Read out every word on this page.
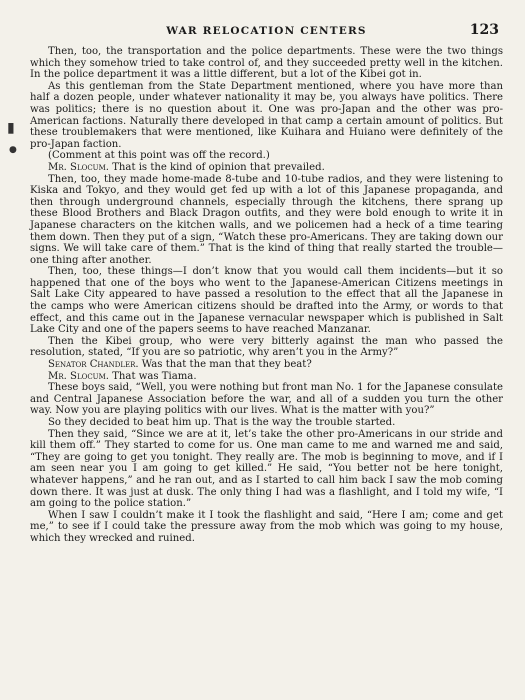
▮
●
WAR RELOCATION CENTERS	123

Then, too, the transportation and the police departments. These were the two things which they somehow tried to take control of, and they succeeded pretty well in the kitchen. In the police department it was a little different, but a lot of the Kibei got in.

As this gentleman from the State Department mentioned, where you have more than half a dozen people, under whatever nationality it may be, you always have politics. There was politics; there is no question about it. One was pro-Japan and the other was pro-American factions. Naturally there developed in that camp a certain amount of politics. But these troublemakers that were mentioned, like Kuihara and Huiano were definitely of the pro-Japan faction.

(Comment at this point was off the record.)

Mr. Slocum. That is the kind of opinion that prevailed.

Then, too, they made home-made 8-tube and 10-tube radios, and they were listening to Kiska and Tokyo, and they would get fed up with a lot of this Japanese propaganda, and then through underground channels, especially through the kitchens, there sprang up these Blood Brothers and Black Dragon outfits, and they were bold enough to write it in Japanese characters on the kitchen walls, and we policemen had a heck of a time tearing them down. Then they put of a sign, “Watch these pro-Americans. They are taking down our signs. We will take care of them.” That is the kind of thing that really started the trouble—one thing after another.

Then, too, these things—I don’t know that you would call them incidents—but it so happened that one of the boys who went to the Japanese-American Citizens meetings in Salt Lake City appeared to have passed a resolution to the effect that all the Japanese in the camps who were American citizens should be drafted into the Army, or words to that effect, and this came out in the Japanese vernacular newspaper which is published in Salt Lake City and one of the papers seems to have reached Manzanar.

Then the Kibei group, who were very bitterly against the man who passed the resolution, stated, “If you are so patriotic, why aren’t you in the Army?”

Senator Chandler. Was that the man that they beat?

Mr. Slocum. That was Tiama.

These boys said, “Well, you were nothing but front man No. 1 for the Japanese consulate and Central Japanese Association before the war, and all of a sudden you turn the other way. Now you are playing politics with our lives. What is the matter with you?”

So they decided to beat him up. That is the way the trouble started.

Then they said, “Since we are at it, let’s take the other pro-Americans in our stride and kill them off.” They started to come for us. One man came to me and warned me and said, “They are going to get you tonight. They really are. The mob is beginning to move, and if I am seen near you I am going to get killed.” He said, “You better not be here tonight, whatever happens,” and he ran out, and as I started to call him back I saw the mob coming down there. It was just at dusk. The only thing I had was a flashlight, and I told my wife, “I am going to the police station.”

When I saw I couldn’t make it I took the flashlight and said, “Here I am; come and get me,” to see if I could take the pressure away from the mob which was going to my house, which they wrecked and ruined.
